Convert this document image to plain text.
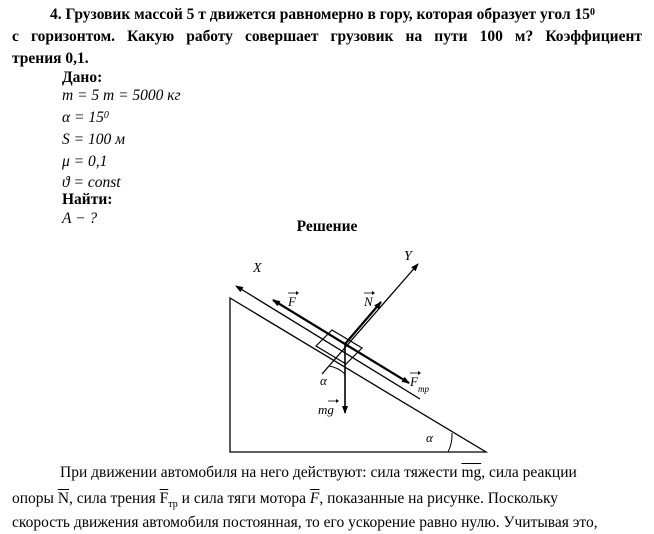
4. Грузовик массой 5 т движется равномерно в гору, которая образует угол $15^0$
с горизонтом. Какую работу совершает грузовик на пути 100 м? Коэффициент
трения 0,1.
Дано:
m = 5 т = 5000 кг
$\alpha = 15^0$
S = 100 м
μ = 0,1
ϑ = const
Найти:
A − ?	Решение
X
Y
F	N
F тр
mg
α
α
При движении автомобиля на него действуют: сила тяжести $\overline{mg}$, сила реакции
опоры $\overline{N}$, сила трения $\overline{F}_{тр}$ и сила тяги мотора $\overline{F}$, показанные на рисунке. Поскольку
скорость движения автомобиля постоянная, то его ускорение равно нулю. Учитывая это,
